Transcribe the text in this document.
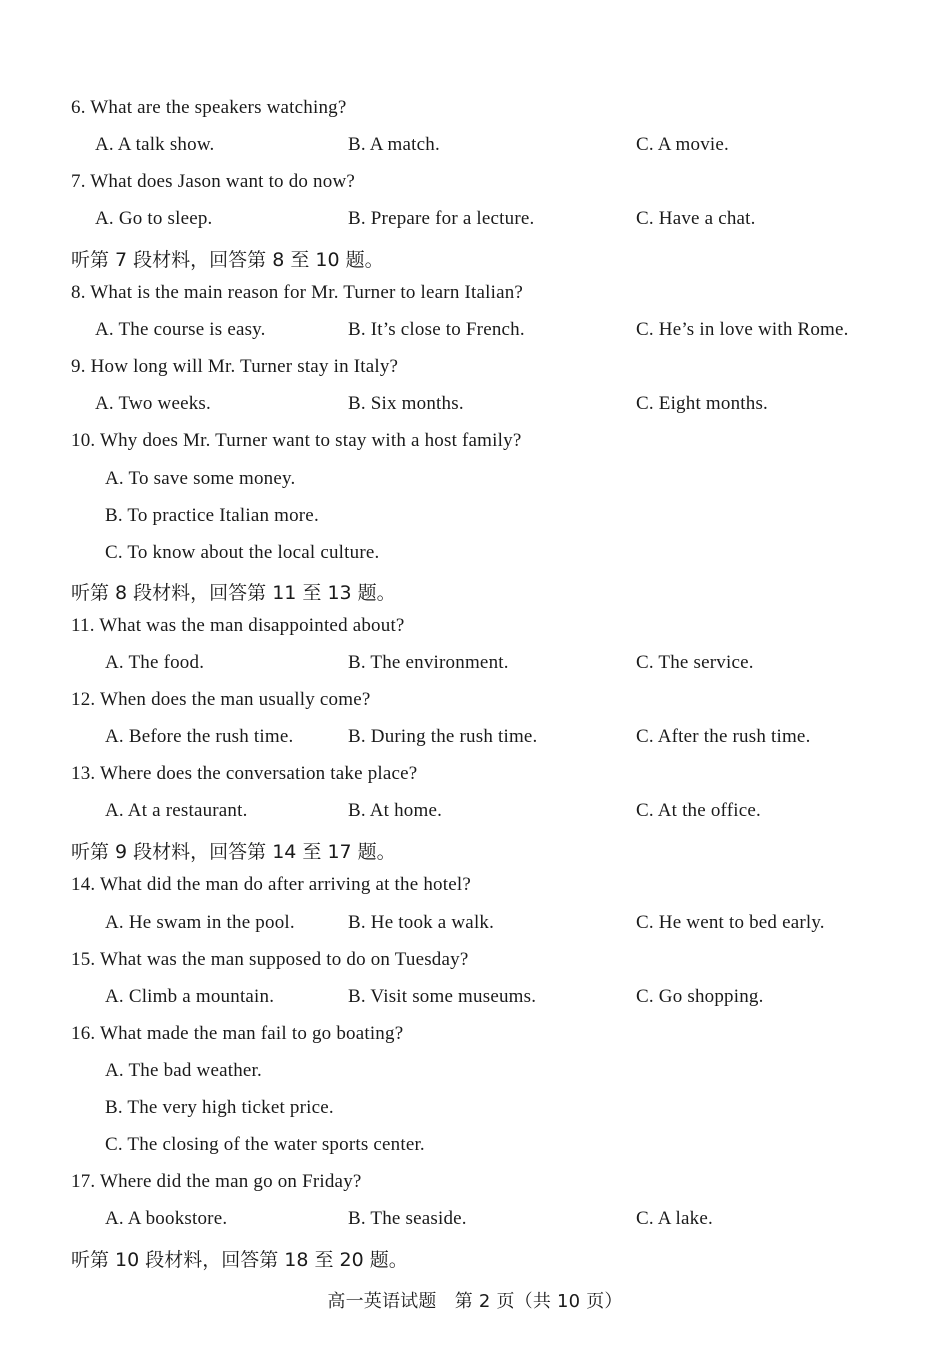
6. What are the speakers watching?
A. A talk show.	B. A match.	C. A movie.
7. What does Jason want to do now?
A. Go to sleep.	B. Prepare for a lecture.	C. Have a chat.
听第 7 段材料，回答第 8 至 10 题。
8. What is the main reason for Mr. Turner to learn Italian?
A. The course is easy.	B. It’s close to French.	C. He’s in love with Rome.
9. How long will Mr. Turner stay in Italy?
A. Two weeks.	B. Six months.	C. Eight months.
10. Why does Mr. Turner want to stay with a host family?
A. To save some money.
B. To practice Italian more.
C. To know about the local culture.
听第 8 段材料，回答第 11 至 13 题。
11. What was the man disappointed about?
A. The food.	B. The environment.	C. The service.
12. When does the man usually come?
A. Before the rush time.	B. During the rush time.	C. After the rush time.
13. Where does the conversation take place?
A. At a restaurant.	B. At home.	C. At the office.
听第 9 段材料，回答第 14 至 17 题。
14. What did the man do after arriving at the hotel?
A. He swam in the pool.	B. He took a walk.	C. He went to bed early.
15. What was the man supposed to do on Tuesday?
A. Climb a mountain.	B. Visit some museums.	C. Go shopping.
16. What made the man fail to go boating?
A. The bad weather.
B. The very high ticket price.
C. The closing of the water sports center.
17. Where did the man go on Friday?
A. A bookstore.	B. The seaside.	C. A lake.
听第 10 段材料，回答第 18 至 20 题。
高一英语试题　第 2 页（共 10 页）
